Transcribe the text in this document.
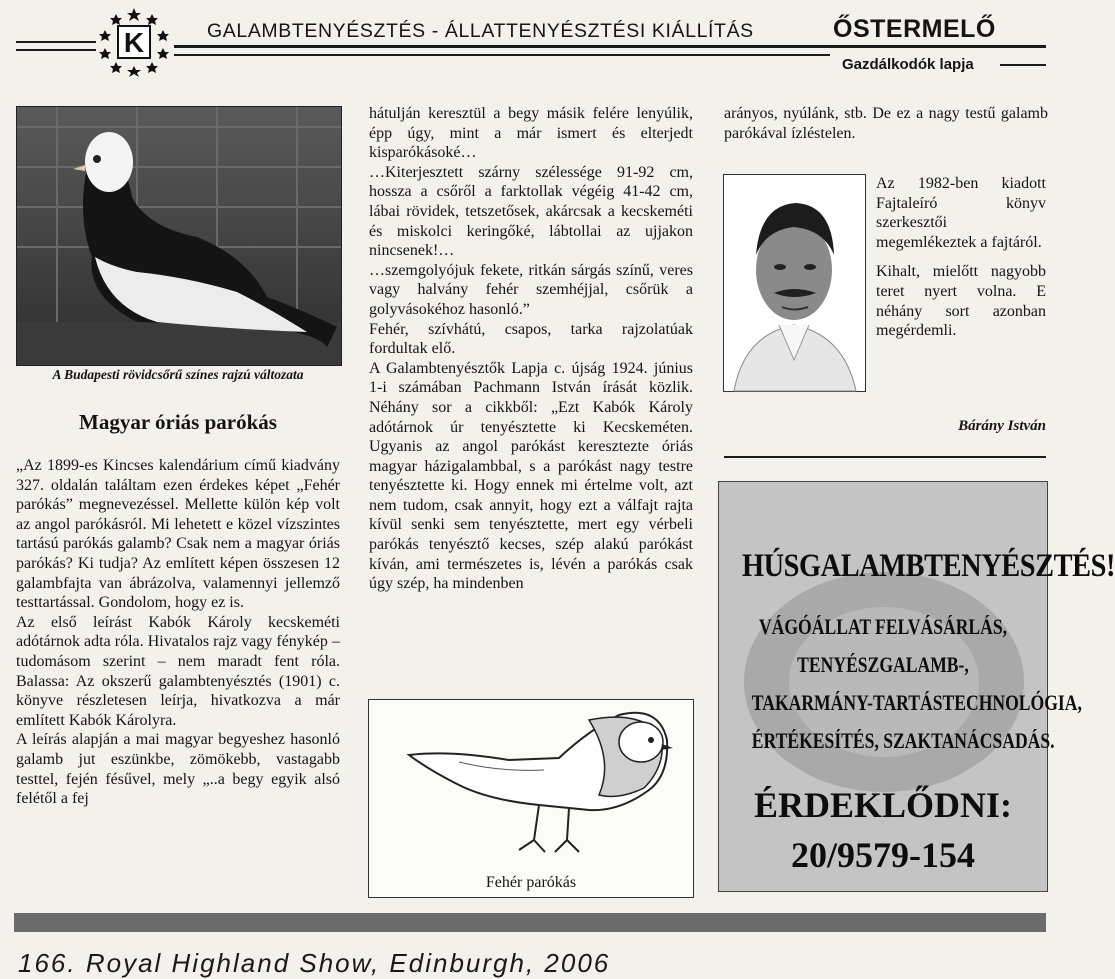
K	GALAMBTENYÉSZTÉS - ÁLLATTENYÉSZTÉSI KIÁLLÍTÁS	ŐSTERMELŐ
Gazdálkodók lapja
A Budapesti rövidcsőrű színes rajzú változata
Magyar óriás parókás

„Az 1899-es Kincses kalendárium című kiadvány 327. oldalán találtam ezen érdekes képet „Fehér parókás” megnevezéssel. Mellette külön kép volt az angol parókásról. Mi lehetett e közel vízszintes tartású parókás galamb? Csak nem a magyar óriás parókás? Ki tudja? Az említett képen összesen 12 galambfajta van ábrázolva, valamennyi jellemző testtartással. Gondolom, hogy ez is.

Az első leírást Kabók Károly kecskeméti adótárnok adta róla. Hivatalos rajz vagy fénykép – tudomásom szerint – nem maradt fent róla. Balassa: Az okszerű galambtenyésztés (1901) c. könyve részletesen leírja, hivatkozva a már említett Kabók Károlyra.

A leírás alapján a mai magyar begyeshez hasonló galamb jut eszünkbe, zömökebb, vastagabb testtel, fején fésűvel, mely „..a begy egyik alsó felétől a fej

hátulján keresztül a begy másik felére lenyúlik, épp úgy, mint a már ismert és elterjedt kisparókásoké…

…Kiterjesztett szárny szélessége 91-92 cm, hossza a csőről a farktollak végéig 41-42 cm, lábai rövidek, tetszetősek, akárcsak a kecskeméti és miskolci keringőké, lábtollai az ujjakon nincsenek!…

…szemgolyójuk fekete, ritkán sárgás színű, veres vagy halvány fehér szemhéjjal, csőrük a golyvásokéhoz hasonló.”

Fehér, szívhátú, csapos, tarka rajzolatúak fordultak elő.

A Galambtenyésztők Lapja c. újság 1924. június 1-i számában Pachmann István írását közlik. Néhány sor a cikkből: „Ezt Kabók Károly adótárnok úr tenyésztette ki Kecskeméten. Ugyanis az angol parókást keresztezte óriás magyar házigalambbal, s a parókást nagy testre tenyésztette ki. Hogy ennek mi értelme volt, azt nem tudom, csak annyit, hogy ezt a válfajt rajta kívül senki sem tenyésztette, mert egy vérbeli parókás tenyésztő kecses, szép alakú parókást kíván, ami természetes is, lévén a parókás csak úgy szép, ha mindenben

Fehér parókás

arányos, nyúlánk, stb. De ez a nagy testű galamb parókával ízléstelen.

Az 1982-ben kiadott Fajtaleíró könyv szerkesztői megemlékeztek a fajtáról.

Kihalt, mielőtt nagyobb teret nyert volna. E néhány sort azonban megérdemli.

Bárány István
HÚSGALAMBTENYÉSZTÉS!
VÁGÓÁLLAT FELVÁSÁRLÁS,
TENYÉSZGALAMB-,
TAKARMÁNY-TARTÁSTECHNOLÓGIA,
ÉRTÉKESÍTÉS, SZAKTANÁCSADÁS.
ÉRDEKLŐDNI:
20/9579-154
166. Royal Highland Show, Edinburgh, 2006
